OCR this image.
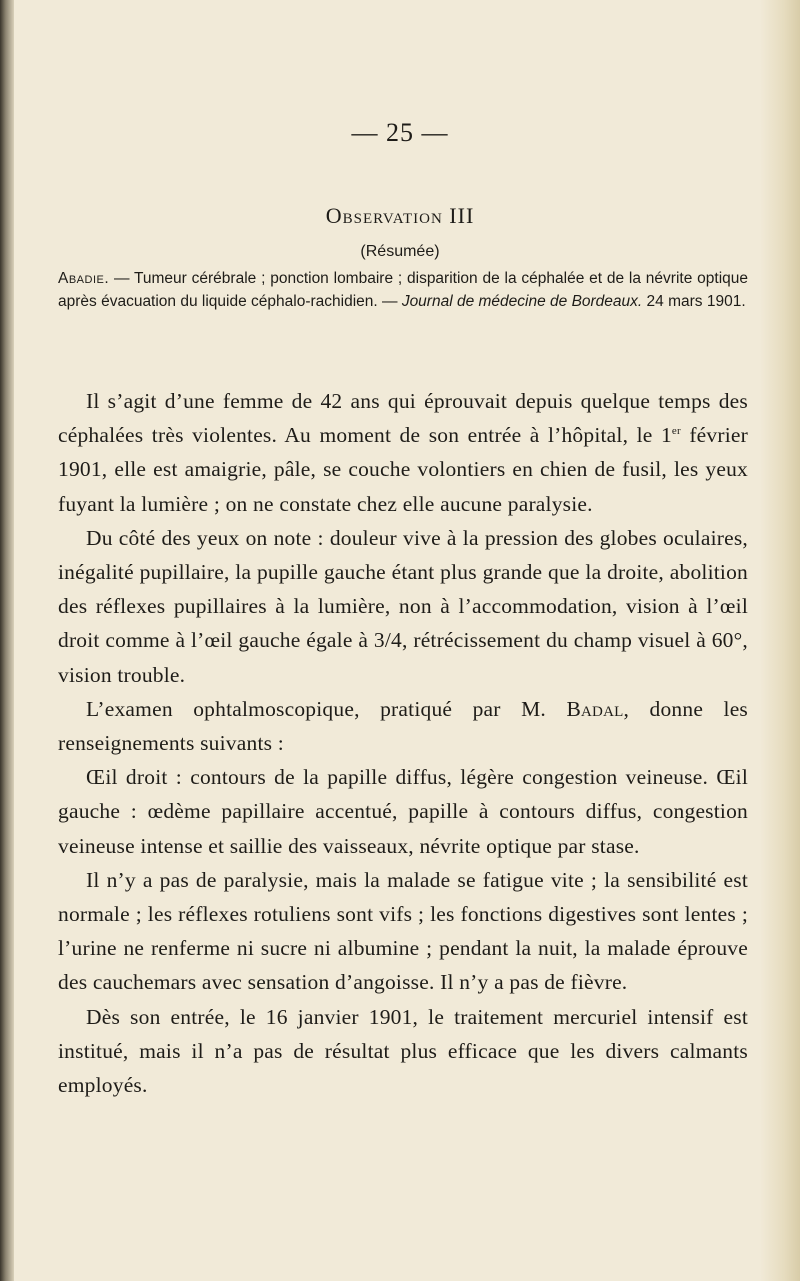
— 25 —
Observation III
(Résumée)
Abadie. — Tumeur cérébrale ; ponction lombaire ; disparition de la céphalée et de la névrite optique après évacuation du liquide céphalo-rachidien. — Journal de médecine de Bordeaux. 24 mars 1901.

Il s’agit d’une femme de 42 ans qui éprouvait depuis quelque temps des céphalées très violentes. Au moment de son entrée à l’hôpital, le 1er février 1901, elle est amaigrie, pâle, se couche volontiers en chien de fusil, les yeux fuyant la lumière ; on ne constate chez elle aucune paralysie.

Du côté des yeux on note : douleur vive à la pression des globes oculaires, inégalité pupillaire, la pupille gauche étant plus grande que la droite, abolition des réflexes pupillaires à la lumière, non à l’accommodation, vision à l’œil droit comme à l’œil gauche égale à 3/4, rétrécissement du champ visuel à 60°, vision trouble.

L’examen ophtalmoscopique, pratiqué par M. Badal, donne les renseignements suivants :

Œil droit : contours de la papille diffus, légère congestion veineuse. Œil gauche : œdème papillaire accentué, papille à contours diffus, congestion veineuse intense et saillie des vaisseaux, névrite optique par stase.

Il n’y a pas de paralysie, mais la malade se fatigue vite ; la sensibilité est normale ; les réflexes rotuliens sont vifs ; les fonctions digestives sont lentes ; l’urine ne renferme ni sucre ni albumine ; pendant la nuit, la malade éprouve des cauchemars avec sensation d’angoisse. Il n’y a pas de fièvre.

Dès son entrée, le 16 janvier 1901, le traitement mercuriel intensif est institué, mais il n’a pas de résultat plus efficace que les divers calmants employés.
